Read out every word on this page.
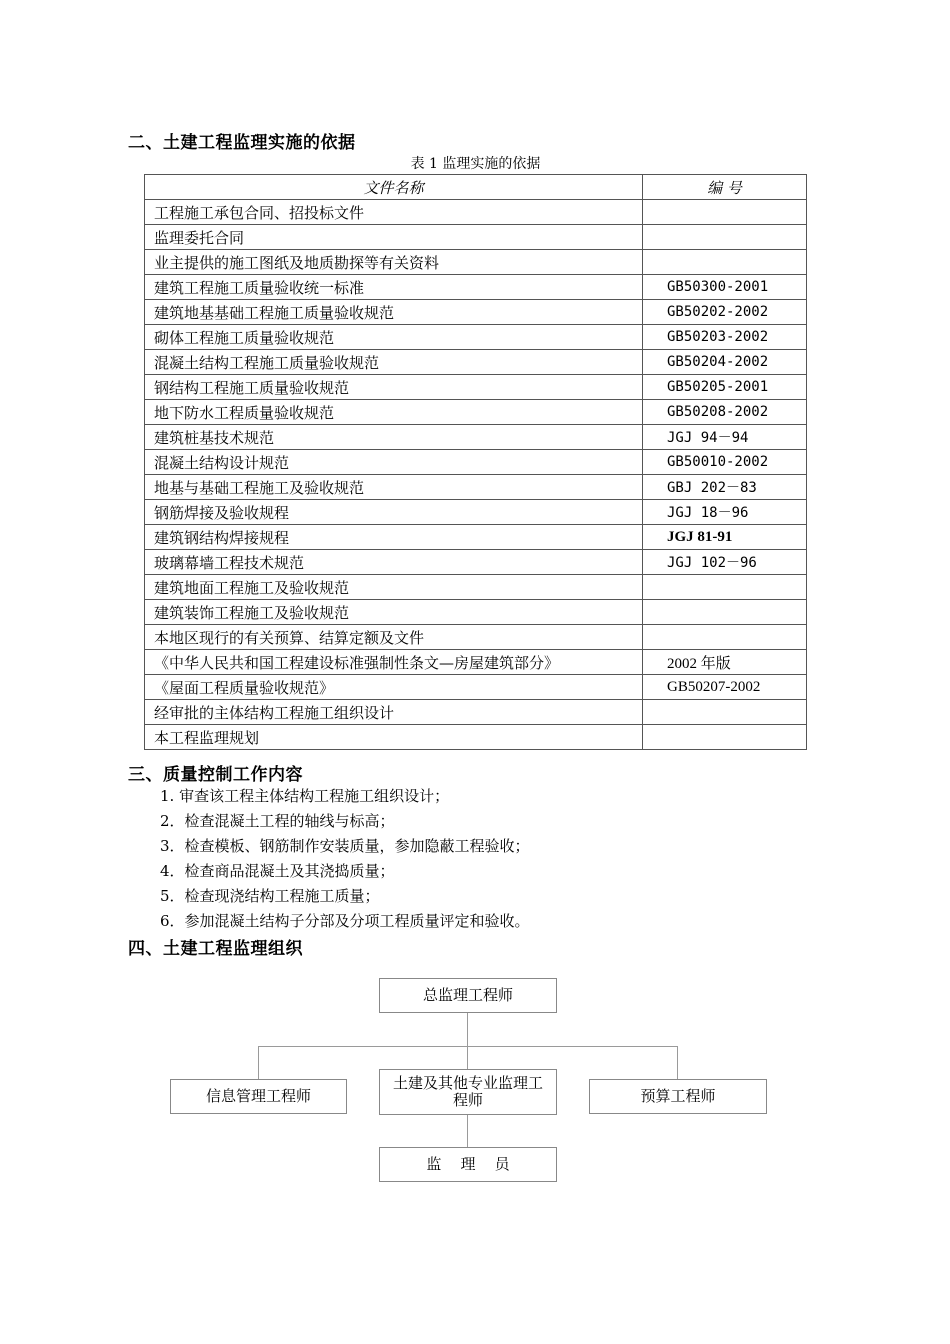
二、土建工程监理实施的依据
表 1 监理实施的依据
文件名称	编 号
工程施工承包合同、招投标文件	
监理委托合同	
业主提供的施工图纸及地质勘探等有关资料	
建筑工程施工质量验收统一标准	GB50300-2001
建筑地基基础工程施工质量验收规范	GB50202-2002
砌体工程施工质量验收规范	GB50203-2002
混凝土结构工程施工质量验收规范	GB50204-2002
钢结构工程施工质量验收规范	GB50205-2001
地下防水工程质量验收规范	GB50208-2002
建筑桩基技术规范	JGJ 94－94
混凝土结构设计规范	GB50010-2002
地基与基础工程施工及验收规范	GBJ 202－83
钢筋焊接及验收规程	JGJ 18－96
建筑钢结构焊接规程	JGJ 81-91
玻璃幕墙工程技术规范	JGJ 102－96
建筑地面工程施工及验收规范	
建筑装饰工程施工及验收规范	
本地区现行的有关预算、结算定额及文件	
《中华人民共和国工程建设标准强制性条文—房屋建筑部分》	2002 年版
《屋面工程质量验收规范》	GB50207-2002
经审批的主体结构工程施工组织设计	
本工程监理规划	
三、质量控制工作内容
1. 审查该工程主体结构工程施工组织设计；
2．检查混凝土工程的轴线与标高；
3．检查模板、钢筋制作安装质量，参加隐蔽工程验收；
4．检查商品混凝土及其浇捣质量；
5．检查现浇结构工程施工质量；
6．参加混凝土结构子分部及分项工程质量评定和验收。
四、土建工程监理组织
总监理工程师
信息管理工程师
土建及其他专业监理工程师	预算工程师
监    理    员
